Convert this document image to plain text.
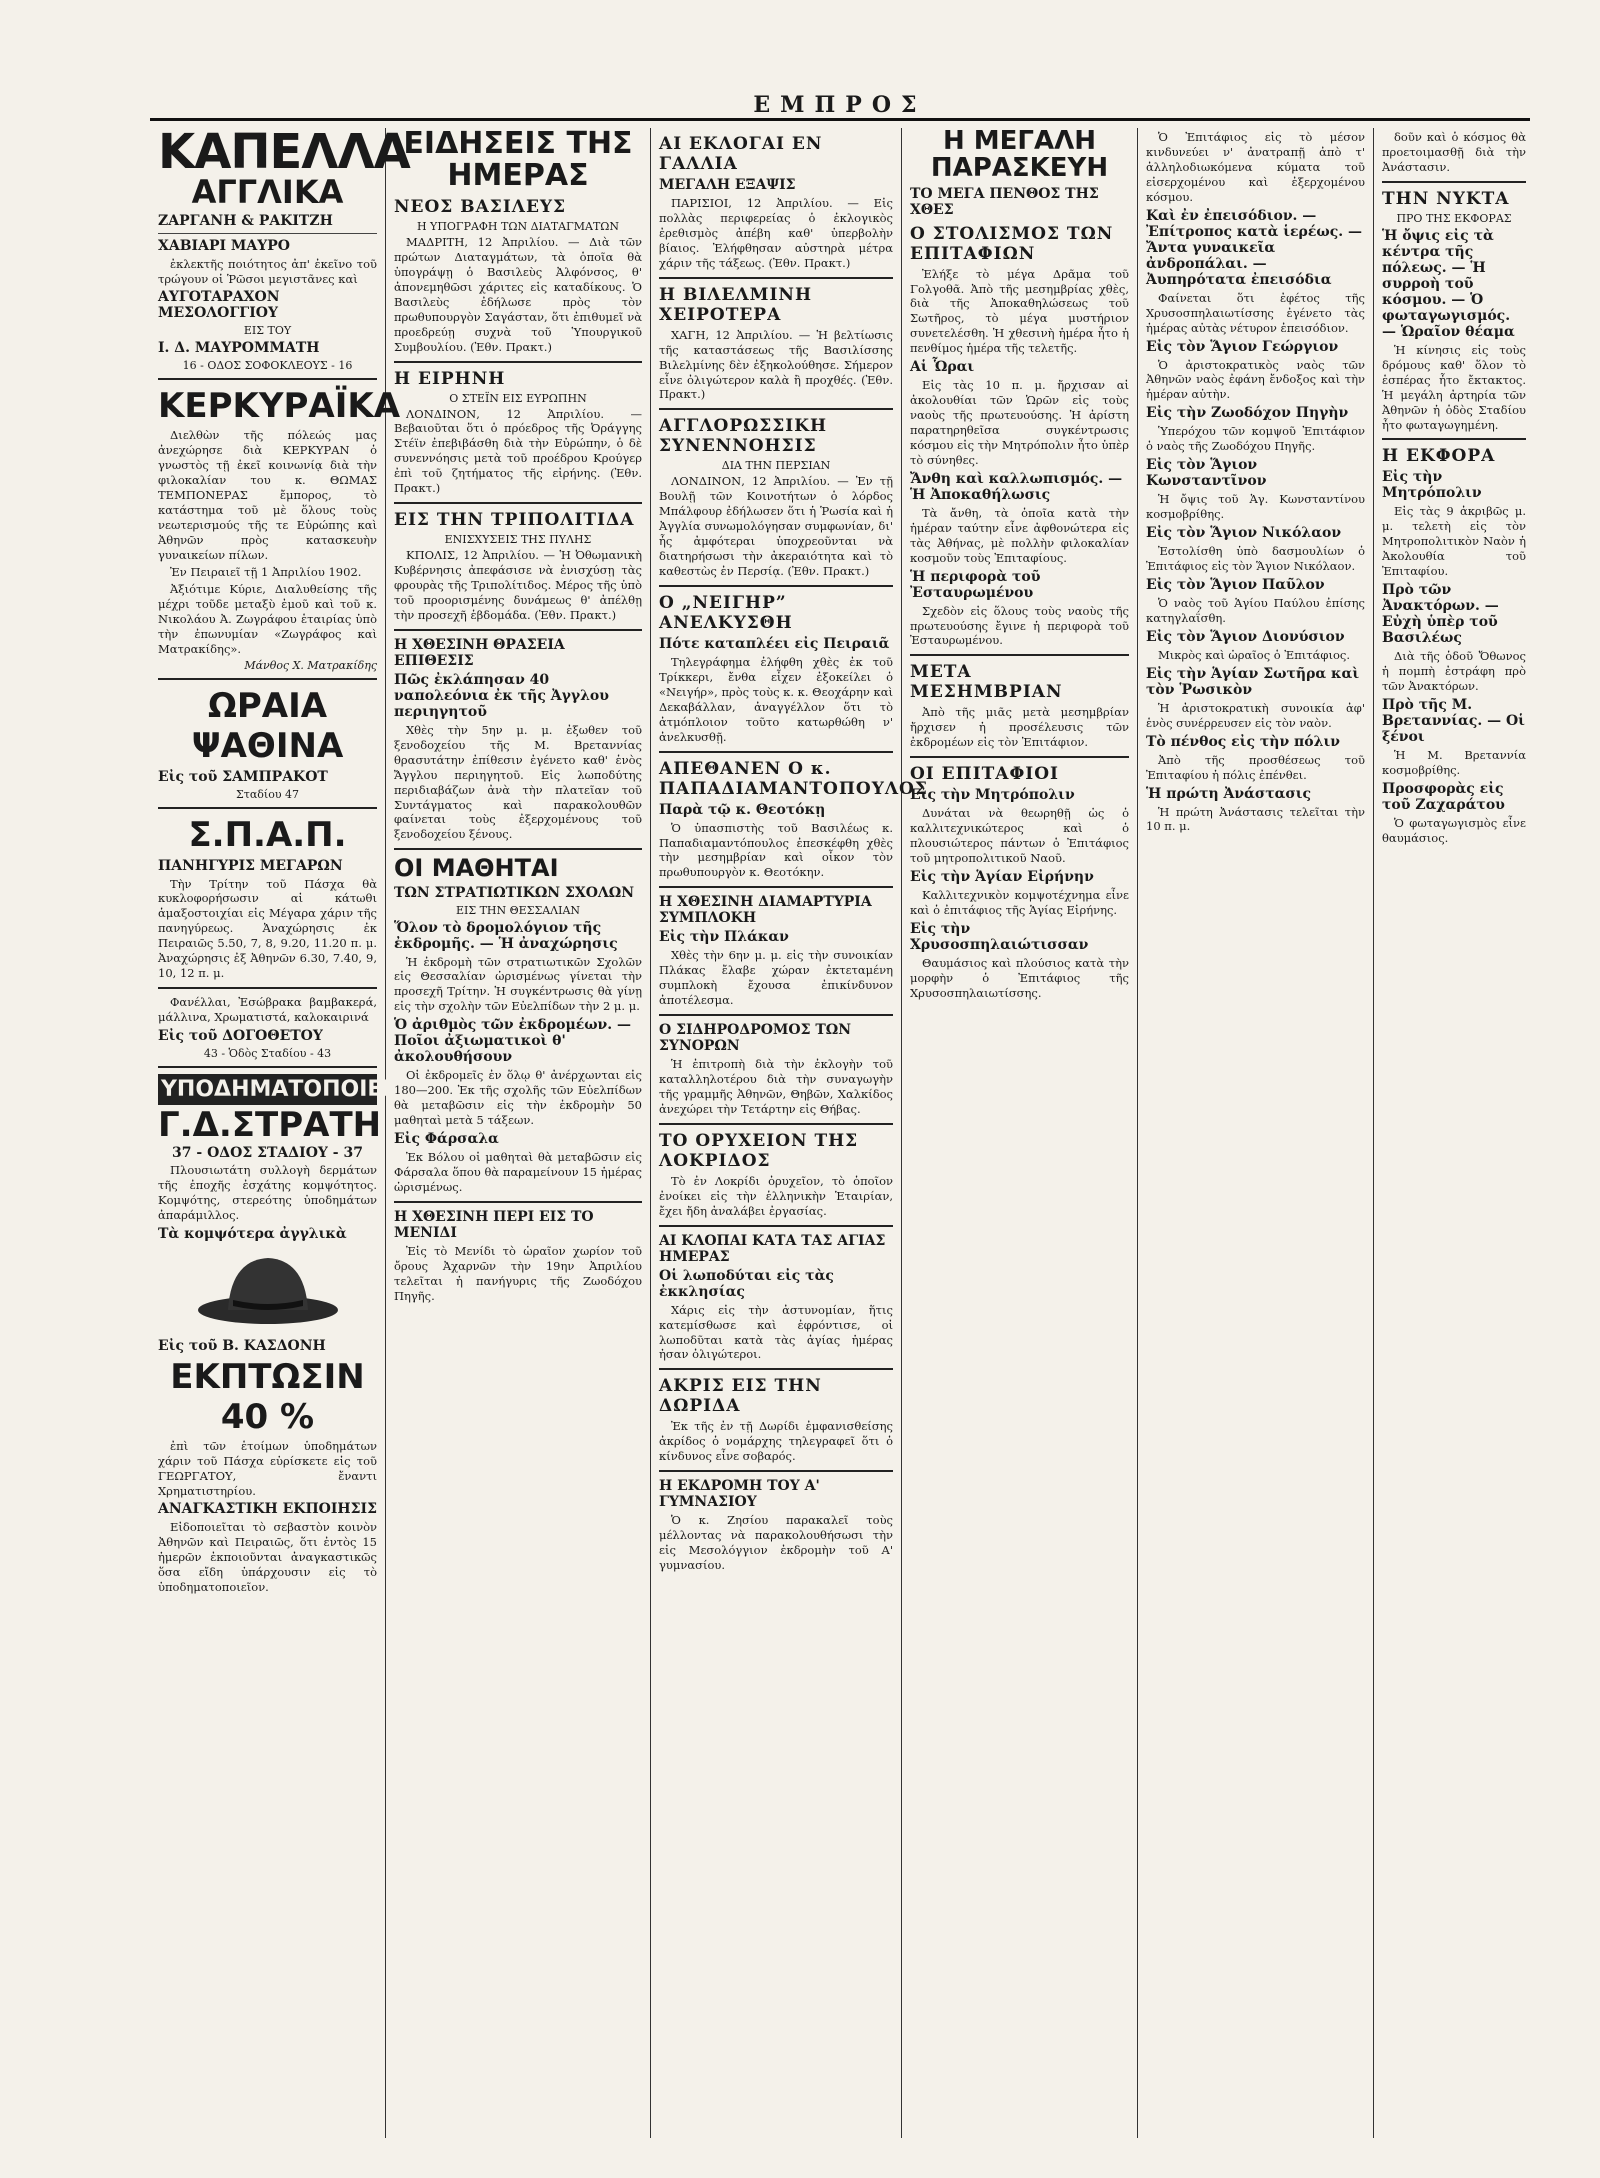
ΕΜΠΡΟΣ
ΚΑΠΕΛΛΑ
ΑΓΓΛΙΚΑ
ΖΑΡΓΑΝΗ & ΡΑΚΙΤΖΗ
ΧΑΒΙΑΡΙ ΜΑΥΡΟ

ἐκλεκτῆς ποιότητος ἀπ' ἐκεῖνο τοῦ τρώγουν οἱ Ῥῶσοι μεγιστᾶνες καὶ

ΑΥΓΟΤΑΡΑΧΟΝ ΜΕΣΟΛΟΓΓΙΟΥ
ΕΙΣ ΤΟΥ
Ι. Δ. ΜΑΥΡΟΜΜΑΤΗ
16 - ΟΔΟΣ ΣΟΦΟΚΛΕΟΥΣ - 16
ΚΕΡΚΥΡΑΪΚΑ

Διελθὼν τῆς πόλεώς μας ἀνεχώρησε διὰ ΚΕΡΚΥΡΑΝ ὁ γνωστὸς τῇ ἐκεῖ κοινωνίᾳ διὰ τὴν φιλοκαλίαν του κ. ΘΩΜΑΣ ΤΕΜΠΟΝΕΡΑΣ ἔμπορος, τὸ κατάστημα τοῦ μὲ ὅλους τοὺς νεωτερισμούς τῆς τε Εὐρώπης καὶ Ἀθηνῶν πρὸς κατασκευὴν γυναικείων πίλων.

Ἐν Πειραιεῖ τῇ 1 Ἀπριλίου 1902.

Ἀξιότιμε Κύριε, Διαλυθείσης τῆς μέχρι τοῦδε μεταξὺ ἐμοῦ καὶ τοῦ κ. Νικολάου Ἀ. Ζωγράφου ἑταιρίας ὑπὸ τὴν ἐπωνυμίαν «Ζωγράφος καὶ Ματρακίδης».

Μάνθος Χ. Ματρακίδης
ΩΡΑΙΑ ΨΑΘΙΝΑ
Εἰς τοῦ ΣΑΜΠΡΑΚΟΤ
Σταδίου 47
Σ.Π.Α.Π.
ΠΑΝΗΓΥΡΙΣ ΜΕΓΑΡΩΝ

Τὴν Τρίτην τοῦ Πάσχα θὰ κυκλοφορήσωσιν αἱ κάτωθι ἁμαξοστοιχίαι εἰς Μέγαρα χάριν τῆς πανηγύρεως. Ἀναχώρησις ἐκ Πειραιῶς 5.50, 7, 8, 9.20, 11.20 π. μ. Ἀναχώρησις ἐξ Ἀθηνῶν 6.30, 7.40, 9, 10, 12 π. μ.

Φανέλλαι, Ἐσώβρακα βαμβακερά, μάλλινα, Χρωματιστά, καλοκαιρινά

Εἰς τοῦ ΔΟΓΟΘΕΤΟΥ
43 - Ὁδὸς Σταδίου - 43
ΥΠΟΔΗΜΑΤΟΠΟΙΕΙΟΝ
Γ.Δ.ΣΤΡΑΤΗ
37 - ΟΔΟΣ ΣΤΑΔΙΟΥ - 37

Πλουσιωτάτη συλλογὴ δερμάτων τῆς ἐποχῆς ἐσχάτης κομψότητος. Κομψότης, στερεότης ὑποδημάτων ἀπαράμιλλος.

Τὰ κομψότερα ἀγγλικὰ
Εἰς τοῦ Β. ΚΑΣΔΟΝΗ
ΕΚΠΤΩΣΙΝ 40 %

ἐπὶ τῶν ἑτοίμων ὑποδημάτων χάριν τοῦ Πάσχα εὑρίσκετε εἰς τοῦ ΓΕΩΡΓΑΤΟΥ, ἔναντι Χρηματιστηρίου.

ΑΝΑΓΚΑΣΤΙΚΗ ΕΚΠΟΙΗΣΙΣ

Εἰδοποιεῖται τὸ σεβαστὸν κοινὸν Ἀθηνῶν καὶ Πειραιῶς, ὅτι ἐντὸς 15 ἡμερῶν ἐκποιοῦνται ἀναγκαστικῶς ὅσα εἴδη ὑπάρχουσιν εἰς τὸ ὑποδηματοποιεῖον.

ΕΙΔΗΣΕΙΣ ΤΗΣ ΗΜΕΡΑΣ
ΝΕΟΣ ΒΑΣΙΛΕΥΣ
Η ΥΠΟΓΡΑΦΗ ΤΩΝ ΔΙΑΤΑΓΜΑΤΩΝ

ΜΑΔΡΙΤΗ, 12 Ἀπριλίου. — Διὰ τῶν πρώτων Διαταγμάτων, τὰ ὁποῖα θὰ ὑπογράψῃ ὁ Βασιλεὺς Ἀλφόνσος, θ' ἀπονεμηθῶσι χάριτες εἰς καταδίκους. Ὁ Βασιλεὺς ἐδήλωσε πρὸς τὸν πρωθυπουργὸν Σαγάσταν, ὅτι ἐπιθυμεῖ νὰ προεδρεύῃ συχνὰ τοῦ Ὑπουργικοῦ Συμβουλίου. (Ἐθν. Πρακτ.)

Η ΕΙΡΗΝΗ
Ο ΣΤΕΪΝ ΕΙΣ ΕΥΡΩΠΗΝ

ΛΟΝΔΙΝΟΝ, 12 Ἀπριλίου. — Βεβαιοῦται ὅτι ὁ πρόεδρος τῆς Ὀράγγης Στέϊν ἐπεβιβάσθη διὰ τὴν Εὐρώπην, ὁ δὲ συνεννόησις μετὰ τοῦ προέδρου Κρούγερ ἐπὶ τοῦ ζητήματος τῆς εἰρήνης. (Ἐθν. Πρακτ.)

ΕΙΣ ΤΗΝ ΤΡΙΠΟΛΙΤΙΔΑ
ΕΝΙΣΧΥΣΕΙΣ ΤΗΣ ΠΥΛΗΣ

ΚΠΟΛΙΣ, 12 Ἀπριλίου. — Ἡ Ὀθωμανικὴ Κυβέρνησις ἀπεφάσισε νὰ ἐνισχύσῃ τὰς φρουρὰς τῆς Τριπολίτιδος. Μέρος τῆς ὑπὸ τοῦ προορισμένης δυνάμεως θ' ἀπέλθῃ τὴν προσεχῆ ἑβδομάδα. (Ἐθν. Πρακτ.)

Η ΧΘΕΣΙΝΗ ΘΡΑΣΕΙΑ ΕΠΙΘΕΣΙΣ
Πῶς ἐκλάπησαν 40 ναπολεόνια ἐκ τῆς Ἀγγλου περιηγητοῦ

Χθὲς τὴν 5ην μ. μ. ἐξωθεν τοῦ ξενοδοχείου τῆς Μ. Βρεταννίας θρασυτάτην ἐπίθεσιν ἐγένετο καθ' ἑνὸς Ἄγγλου περιηγητοῦ. Εἰς λωποδύτης περιδιαβάζων ἀνὰ τὴν πλατεῖαν τοῦ Συντάγματος καὶ παρακολουθῶν φαίνεται τοὺς ἐξερχομένους τοῦ ξενοδοχείου ξένους.

ΟΙ ΜΑΘΗΤΑΙ
ΤΩΝ ΣΤΡΑΤΙΩΤΙΚΩΝ ΣΧΟΛΩΝ
ΕΙΣ ΤΗΝ ΘΕΣΣΑΛΙΑΝ
Ὅλον τὸ δρομολόγιον τῆς ἐκδρομῆς. — Ἡ ἀναχώρησις

Ἡ ἐκδρομὴ τῶν στρατιωτικῶν Σχολῶν εἰς Θεσσαλίαν ὡρισμένως γίνεται τὴν προσεχῆ Τρίτην. Ἡ συγκέντρωσις θὰ γίνῃ εἰς τὴν σχολὴν τῶν Εὐελπίδων τὴν 2 μ. μ.

Ὁ ἀριθμὸς τῶν ἐκδρομέων. — Ποῖοι ἀξιωματικοὶ θ' ἀκολουθήσουν

Οἱ ἐκδρομεῖς ἐν ὅλῳ θ' ἀνέρχωνται εἰς 180—200. Ἐκ τῆς σχολῆς τῶν Εὐελπίδων θὰ μεταβῶσιν εἰς τὴν ἐκδρομὴν 50 μαθηταὶ μετὰ 5 τάξεων.

Εἰς Φάρσαλα

Ἐκ Βόλου οἱ μαθηταὶ θὰ μεταβῶσιν εἰς Φάρσαλα ὅπου θὰ παραμείνουν 15 ἡμέρας ὡρισμένως.

Η ΧΘΕΣΙΝΗ ΠΕΡΙ ΕΙΣ ΤΟ ΜΕΝΙΔΙ

Ἐἰς τὸ Μενίδι τὸ ὡραῖον χωρίον τοῦ ὄρους Ἀχαρνῶν τὴν 19ην Ἀπριλίου τελεῖται ἡ πανήγυρις τῆς Ζωοδόχου Πηγῆς.

ΑΙ ΕΚΛΟΓΑΙ ΕΝ ΓΑΛΛΙΑ
ΜΕΓΑΛΗ ΕΞΑΨΙΣ

ΠΑΡΙΣΙΟΙ, 12 Ἀπριλίου. — Εἰς πολλὰς περιφερείας ὁ ἐκλογικὸς ἐρεθισμὸς ἀπέβη καθ' ὑπερβολὴν βίαιος. Ἐλήφθησαν αὐστηρὰ μέτρα χάριν τῆς τάξεως. (Ἐθν. Πρακτ.)

Η ΒΙΛΕΛΜΙΝΗ ΧΕΙΡΟΤΕΡΑ

ΧΑΓΗ, 12 Ἀπριλίου. — Ἡ βελτίωσις τῆς καταστάσεως τῆς Βασιλίσσης Βιλελμίνης δὲν ἐξηκολούθησε. Σήμερον εἶνε ὀλιγώτερον καλὰ ἢ προχθές. (Ἐθν. Πρακτ.)

ΑΓΓΛΟΡΩΣΣΙΚΗ ΣΥΝΕΝΝΟΗΣΙΣ
ΔΙΑ ΤΗΝ ΠΕΡΣΙΑΝ

ΛΟΝΔΙΝΟΝ, 12 Ἀπριλίου. — Ἐν τῇ Βουλῇ τῶν Κοινοτήτων ὁ λόρδος Μπάλφουρ ἐδήλωσεν ὅτι ἡ Ῥωσία καὶ ἡ Ἀγγλία συνωμολόγησαν συμφωνίαν, δι' ἧς ἀμφότεραι ὑποχρεοῦνται νὰ διατηρήσωσι τὴν ἀκεραιότητα καὶ τὸ καθεστὼς ἐν Περσίᾳ. (Ἐθν. Πρακτ.)

Ο „ΝΕΙΓΗΡ” ΑΝΕΛΚΥΣΘΗ
Πότε καταπλέει εἰς Πειραιᾶ

Τηλεγράφημα ἐλήφθη χθὲς ἐκ τοῦ Τρίκκερι, ἔνθα εἶχεν ἐξοκείλει ὁ «Νειγήρ», πρὸς τοὺς κ. κ. Θεοχάρην καὶ Δεκαβάλλαν, ἀναγγέλλον ὅτι τὸ ἀτμόπλοιον τοῦτο κατωρθώθη ν' ἀνελκυσθῇ.

ΑΠΕΘΑΝΕΝ Ο κ. ΠΑΠΑΔΙΑΜΑΝΤΟΠΟΥΛΟΣ
Παρὰ τῷ κ. Θεοτόκῃ

Ὁ ὑπασπιστὴς τοῦ Βασιλέως κ. Παπαδιαμαντόπουλος ἐπεσκέφθη χθὲς τὴν μεσημβρίαν καὶ οἶκον τὸν πρωθυπουργὸν κ. Θεοτόκην.

Η ΧΘΕΣΙΝΗ ΔΙΑΜΑΡΤΥΡΙΑ ΣΥΜΠΛΟΚΗ
Εἰς τὴν Πλάκαν

Χθὲς τὴν 6ην μ. μ. εἰς τὴν συνοικίαν Πλάκας ἔλαβε χώραν ἐκτεταμένη συμπλοκὴ ἔχουσα ἐπικίνδυνον ἀποτέλεσμα.

Ο ΣΙΔΗΡΟΔΡΟΜΟΣ ΤΩΝ ΣΥΝΟΡΩΝ

Ἡ ἐπιτροπὴ διὰ τὴν ἐκλογὴν τοῦ καταλληλοτέρου διὰ τὴν συναγωγὴν τῆς γραμμῆς Ἀθηνῶν, Θηβῶν, Χαλκίδος ἀνεχώρει τὴν Τετάρτην εἰς Θήβας.

ΤΟ ΟΡΥΧΕΙΟΝ ΤΗΣ ΛΟΚΡΙΔΟΣ

Τὸ ἐν Λοκρίδι ὀρυχεῖον, τὸ ὁποῖον ἐνοίκει εἰς τὴν ἑλληνικὴν Ἑταιρίαν, ἔχει ἤδη ἀναλάβει ἐργασίας.

ΑΙ ΚΛΟΠΑΙ ΚΑΤΑ ΤΑΣ ΑΓΙΑΣ ΗΜΕΡΑΣ
Οἱ λωποδύται εἰς τὰς ἐκκλησίας

Χάρις εἰς τὴν ἀστυνομίαν, ἥτις κατεμίσθωσε καὶ ἐφρόντισε, οἱ λωποδῦται κατὰ τὰς ἁγίας ἡμέρας ἠσαν ὀλιγώτεροι.

ΑΚΡΙΣ ΕΙΣ ΤΗΝ ΔΩΡΙΔΑ

Ἐκ τῆς ἐν τῇ Δωρίδι ἐμφανισθείσης ἀκρίδος ὁ νομάρχης τηλεγραφεῖ ὅτι ὁ κίνδυνος εἶνε σοβαρός.

Η ΕΚΔΡΟΜΗ ΤΟΥ Α' ΓΥΜΝΑΣΙΟΥ

Ὁ κ. Ζησίου παρακαλεῖ τοὺς μέλλοντας νὰ παρακολουθήσωσι τὴν εἰς Μεσολόγγιον ἐκδρομὴν τοῦ Α' γυμνασίου.

Η ΜΕΓΑΛΗ ΠΑΡΑΣΚΕΥΗ
ΤΟ ΜΕΓΑ ΠΕΝΘΟΣ ΤΗΣ ΧΘΕΣ
Ο ΣΤΟΛΙΣΜΟΣ ΤΩΝ ΕΠΙΤΑΦΙΩΝ

Ἐλήξε τὸ μέγα Δρᾶμα τοῦ Γολγοθᾶ. Ἀπὸ τῆς μεσημβρίας χθὲς, διὰ τῆς Ἀποκαθηλώσεως τοῦ Σωτῆρος, τὸ μέγα μυστήριον συνετελέσθη. Ἡ χθεσινὴ ἡμέρα ἦτο ἡ πενθίμος ἡμέρα τῆς τελετῆς.

Αἱ Ὧραι

Εἰς τὰς 10 π. μ. ἤρχισαν αἱ ἀκολουθίαι τῶν Ὡρῶν εἰς τοὺς ναοὺς τῆς πρωτευούσης. Ἡ ἀρίστη παρατηρηθεῖσα συγκέντρωσις κόσμου εἰς τὴν Μητρόπολιν ἦτο ὑπὲρ τὸ σύνηθες.

Ἄνθη καὶ καλλωπισμός. — Ἡ Ἀποκαθήλωσις

Τὰ ἄνθη, τὰ ὁποῖα κατὰ τὴν ἡμέραν ταύτην εἶνε ἀφθονώτερα εἰς τὰς Ἀθήνας, μὲ πολλὴν φιλοκαλίαν κοσμοῦν τοὺς Ἐπιταφίους.

Ἡ περιφορὰ τοῦ Ἐσταυρωμένου

Σχεδὸν εἰς ὅλους τοὺς ναοὺς τῆς πρωτευούσης ἔγινε ἡ περιφορὰ τοῦ Ἐσταυρωμένου.

ΜΕΤΑ ΜΕΣΗΜΒΡΙΑΝ

Ἀπὸ τῆς μιᾶς μετὰ μεσημβρίαν ἤρχισεν ἡ προσέλευσις τῶν ἐκδρομέων εἰς τὸν Ἐπιτάφιον.

ΟΙ ΕΠΙΤΑΦΙΟΙ
Εἰς τὴν Μητρόπολιν

Δυνάται νὰ θεωρηθῇ ὡς ὁ καλλιτεχνικώτερος καὶ ὁ πλουσιώτερος πάντων ὁ Ἐπιτάφιος τοῦ μητροπολιτικοῦ Ναοῦ.

Εἰς τὴν Ἁγίαν Εἰρήνην

Καλλιτεχνικὸν κομψοτέχνημα εἶνε καὶ ὁ ἐπιτάφιος τῆς Ἁγίας Εἰρήνης.

Εἰς τὴν Χρυσοσπηλαιώτισσαν

Θαυμάσιος καὶ πλούσιος κατὰ τὴν μορφὴν ὁ Ἐπιτάφιος τῆς Χρυσοσπηλαιωτίσσης.

Ὁ Ἐπιτάφιος εἰς τὸ μέσον κινδυνεύει ν' ἀνατραπῇ ἀπὸ τ' ἀλληλοδιωκόμενα κύματα τοῦ εἰσερχομένου καὶ ἐξερχομένου κόσμου.

Καὶ ἐν ἐπεισόδιον. — Ἐπίτροπος κατὰ ἱερέως. — Ἄντα γυναικεῖα ἀνδροπάλαι. — Ἀυπηρότατα ἐπεισόδια

Φαίνεται ὅτι ἐφέτος τῆς Χρυσοσπηλαιωτίσσης ἐγένετο τὰς ἡμέρας αὐτὰς νέτυρον ἐπεισόδιον.

Εἰς τὸν Ἅγιον Γεώργιον

Ὁ ἀριστοκρατικὸς ναὸς τῶν Ἀθηνῶν ναὸς ἐφάνη ἔνδοξος καὶ τὴν ἡμέραν αὐτὴν.

Εἰς τὴν Ζωοδόχον Πηγὴν

Ὑπερόχου τῶν κομψοῦ Ἐπιτάφιον ὁ ναὸς τῆς Ζωοδόχου Πηγῆς.

Εἰς τὸν Ἅγιον Κωνσταντῖνον

Ἡ ὄψις τοῦ Ἁγ. Κωνσταντίνου κοσμοβρίθης.

Εἰς τὸν Ἅγιον Νικόλαον

Ἐστολίσθη ὑπὸ δασμουλίων ὁ Ἐπιτάφιος εἰς τὸν Ἅγιον Νικόλαον.

Εἰς τὸν Ἅγιον Παῦλον

Ὁ ναὸς τοῦ Ἁγίου Παύλου ἐπίσης κατηγλαΐσθη.

Εἰς τὸν Ἅγιον Διονύσιον

Μικρὸς καὶ ὡραῖος ὁ Ἐπιτάφιος.

Εἰς τὴν Ἁγίαν Σωτῆρα καὶ τὸν Ῥωσικὸν

Ἡ ἀριστοκρατικὴ συνοικία ἀφ' ἑνὸς συνέρρευσεν εἰς τὸν ναὸν.

Τὸ πένθος εἰς τὴν πόλιν

Ἀπὸ τῆς προσθέσεως τοῦ Ἐπιταφίου ἡ πόλις ἐπένθει.

Ἡ πρώτη Ἀνάστασις

Ἡ πρώτη Ἀνάστασις τελεῖται τὴν 10 π. μ.

δοῦν καὶ ὁ κόσμος θὰ προετοιμασθῇ διὰ τὴν Ἀνάστασιν.

ΤΗΝ ΝΥΚΤΑ
ΠΡΟ ΤΗΣ ΕΚΦΟΡΑΣ
Ἡ ὄψις εἰς τὰ κέντρα τῆς πόλεως. — Ἡ συρροὴ τοῦ κόσμου. — Ὁ φωταγωγισμός. — Ὡραῖον θέαμα

Ἡ κίνησις εἰς τοὺς δρόμους καθ' ὅλον τὸ ἑσπέρας ἦτο ἔκτακτος. Ἡ μεγάλη ἀρτηρία τῶν Ἀθηνῶν ἡ ὁδὸς Σταδίου ἦτο φωταγωγημένη.

Η ΕΚΦΟΡΑ
Εἰς τὴν Μητρόπολιν

Εἰς τὰς 9 ἀκριβῶς μ. μ. τελετὴ εἰς τὸν Μητροπολιτικὸν Ναὸν ἡ Ἀκολουθία τοῦ Ἐπιταφίου.

Πρὸ τῶν Ἀνακτόρων. — Εὐχὴ ὑπὲρ τοῦ Βασιλέως

Διὰ τῆς ὁδοῦ Ὄθωνος ἡ πομπὴ ἐστράφη πρὸ τῶν Ἀνακτόρων.

Πρὸ τῆς Μ. Βρεταννίας. — Οἱ ξένοι

Ἡ Μ. Βρεταννία κοσμοβρίθης.

Προσφορὰς εἰς τοῦ Ζαχαράτου

Ὁ φωταγωγισμὸς εἶνε θαυμάσιος.
